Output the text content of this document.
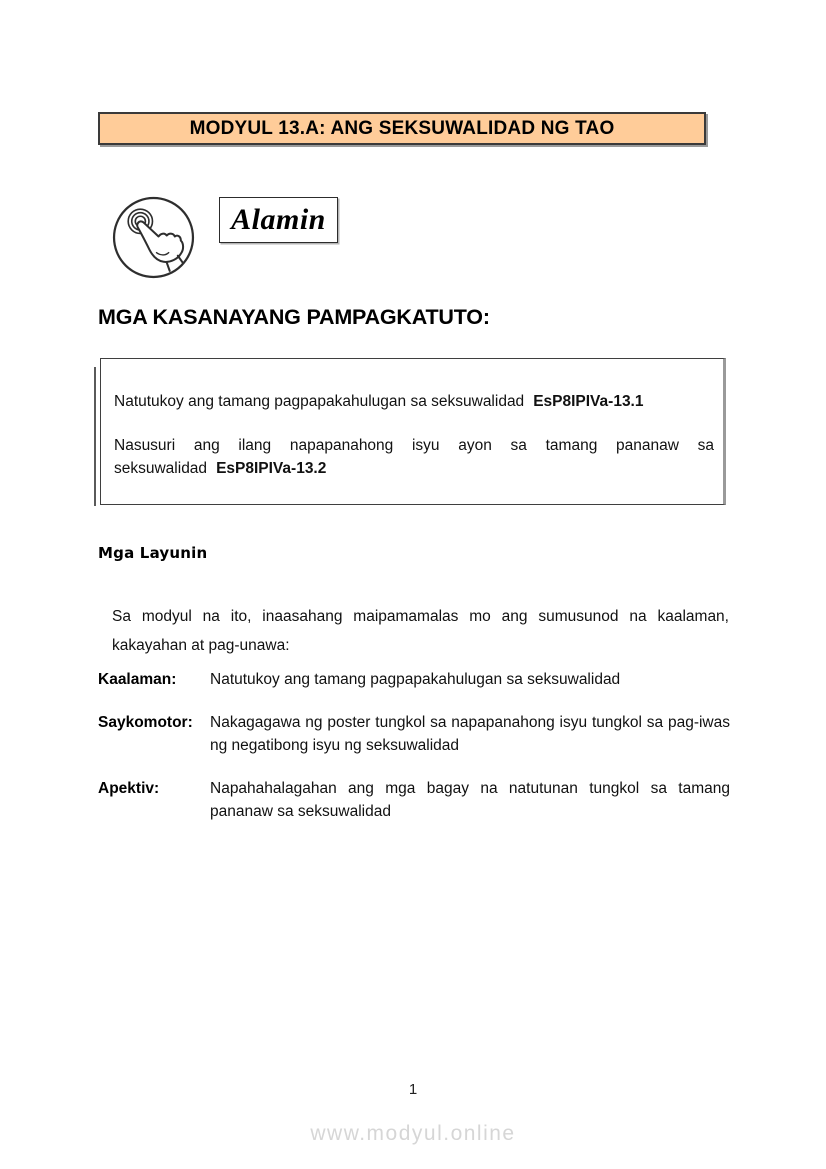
MODYUL 13.A: ANG SEKSUWALIDAD NG TAO
Alamin
MGA KASANAYANG PAMPAGKATUTO:

Natutukoy ang tamang pagpapakahulugan sa seksuwalidad EsP8IPIVa-13.1

Nasusuri ang ilang napapanahong isyu ayon sa tamang pananaw sa seksuwalidad EsP8IPIVa-13.2

Mga Layunin

Sa modyul na ito, inaasahang maipamamalas mo ang sumusunod na kaalaman, kakayahan at pag-unawa:

Kaalaman:	Natutukoy ang tamang pagpapakahulugan sa seksuwalidad
Saykomotor:	Nakagagawa ng poster tungkol sa napapanahong isyu tungkol sa pag-iwas ng negatibong isyu ng seksuwalidad
Apektiv:	Napahahalagahan ang mga bagay na natutunan tungkol sa tamang pananaw sa seksuwalidad
1
www.modyul.online
